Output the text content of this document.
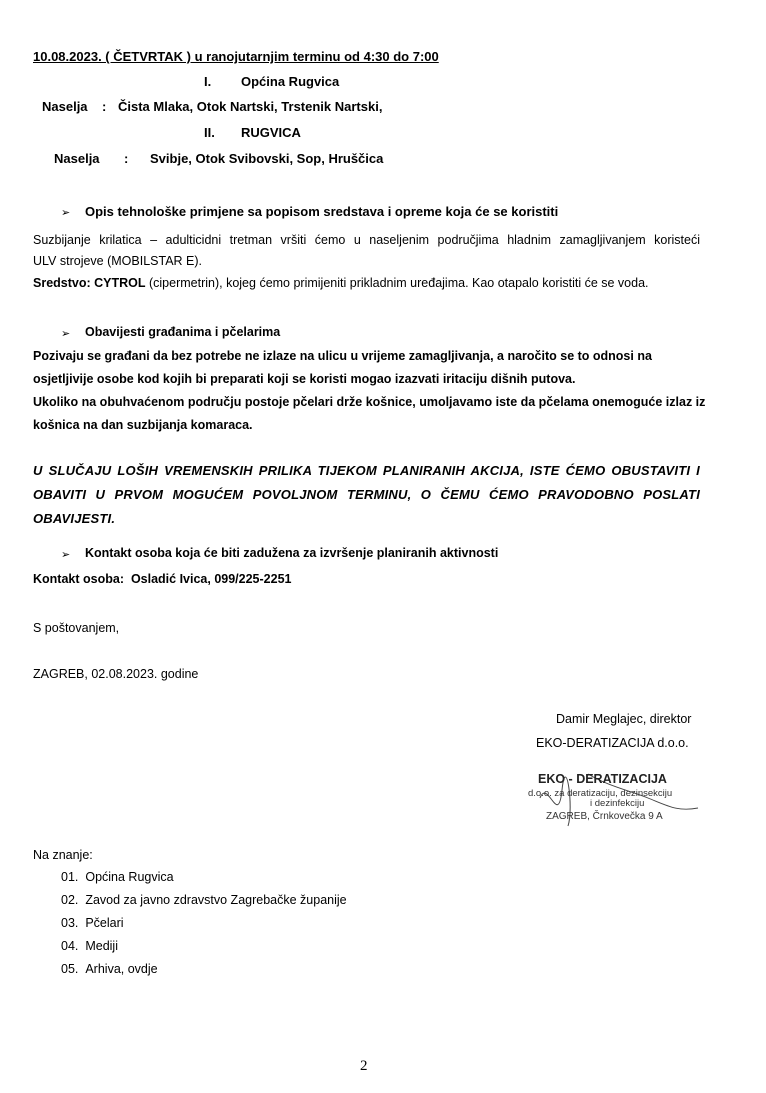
10.08.2023. ( ČETVRTAK ) u ranojutarnjim terminu od 4:30 do 7:00
I. Općina Rugvica
Naselja : Čista Mlaka, Otok Nartski, Trstenik Nartski,
II. RUGVICA
Naselja : Svibje, Otok Svibovski, Sop, Hruščica
➢ Opis tehnološke primjene sa popisom sredstava i opreme koja će se koristiti
Suzbijanje krilatica – adulticidni tretman vršiti ćemo u naseljenim područjima hladnim zamagljivanjem koristeći
ULV strojeve (MOBILSTAR E).
Sredstvo: CYTROL (cipermetrin), kojeg ćemo primijeniti prikladnim uređajima. Kao otapalo koristiti će se voda.
➢ Obavijesti građanima i pčelarima
Pozivaju se građani da bez potrebe ne izlaze na ulicu u vrijeme zamagljivanja, a naročito se to odnosi na
osjetljivije osobe kod kojih bi preparati koji se koristi mogao izazvati iritaciju dišnih putova.
Ukoliko na obuhvaćenom području postoje pčelari drže košnice, umoljavamo iste da pčelama onemoguće izlaz iz
košnica na dan suzbijanja komaraca.
U SLUČAJU LOŠIH VREMENSKIH PRILIKA TIJEKOM PLANIRANIH AKCIJA, ISTE ĆEMO OBUSTAVITI I
OBAVITI U PRVOM MOGUĆEM POVOLJNOM TERMINU, O ČEMU ĆEMO PRAVODOBNO POSLATI
OBAVIJESTI.
➢ Kontakt osoba koja će biti zadužena za izvršenje planiranih aktivnosti
Kontakt osoba: Osladić Ivica, 099/225-2251
S poštovanjem,
ZAGREB, 02.08.2023. godine
Damir Meglajec, direktor
EKO-DERATIZACIJA d.o.o.
EKO - DERATIZACIJA
d.o.o. za deratizaciju, dezinsekciju
i dezinfekciju
ZAGREB, Črnkovečka 9 A
Na znanje:
01. Općina Rugvica
02. Zavod za javno zdravstvo Zagrebačke županije
03. Pčelari
04. Mediji
05. Arhiva, ovdje
2
